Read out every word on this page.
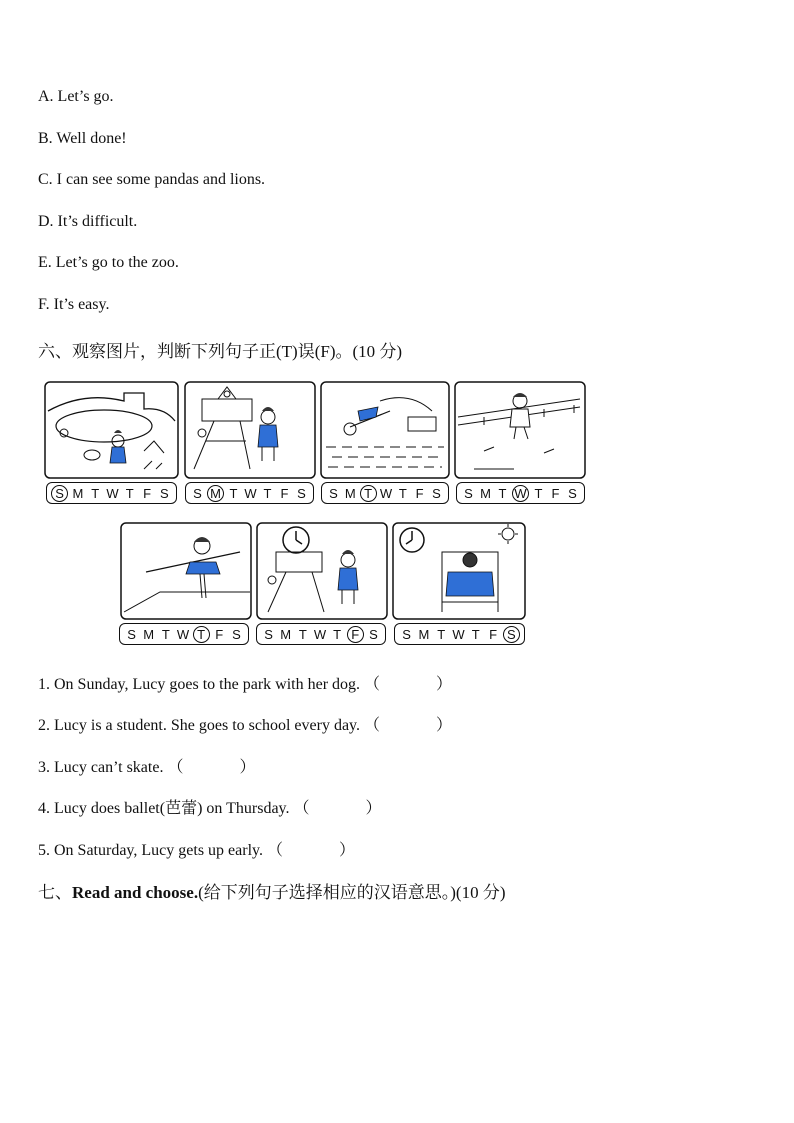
A. Let’s go.
B. Well done!
C. I can see some pandas and lions.
D. It’s difficult.
E. Let’s go to the zoo.
F. It’s easy.
六、观察图片，判断下列句子正(T)误(F)。(10 分)
S M T W T F S S M T W T F S S M T W T F S S M T W T F S
S M T W T F S S M T W T F S S M T W T F S
1. On Sunday, Lucy goes to the park with her dog. （	）
2. Lucy is a student. She goes to school every day. （	）
3. Lucy can’t skate. （	）
4. Lucy does ballet(芭蕾) on Thursday. （	）
5. On Saturday, Lucy gets up early. （	）
七、Read and choose.(给下列句子选择相应的汉语意思。)(10 分)
